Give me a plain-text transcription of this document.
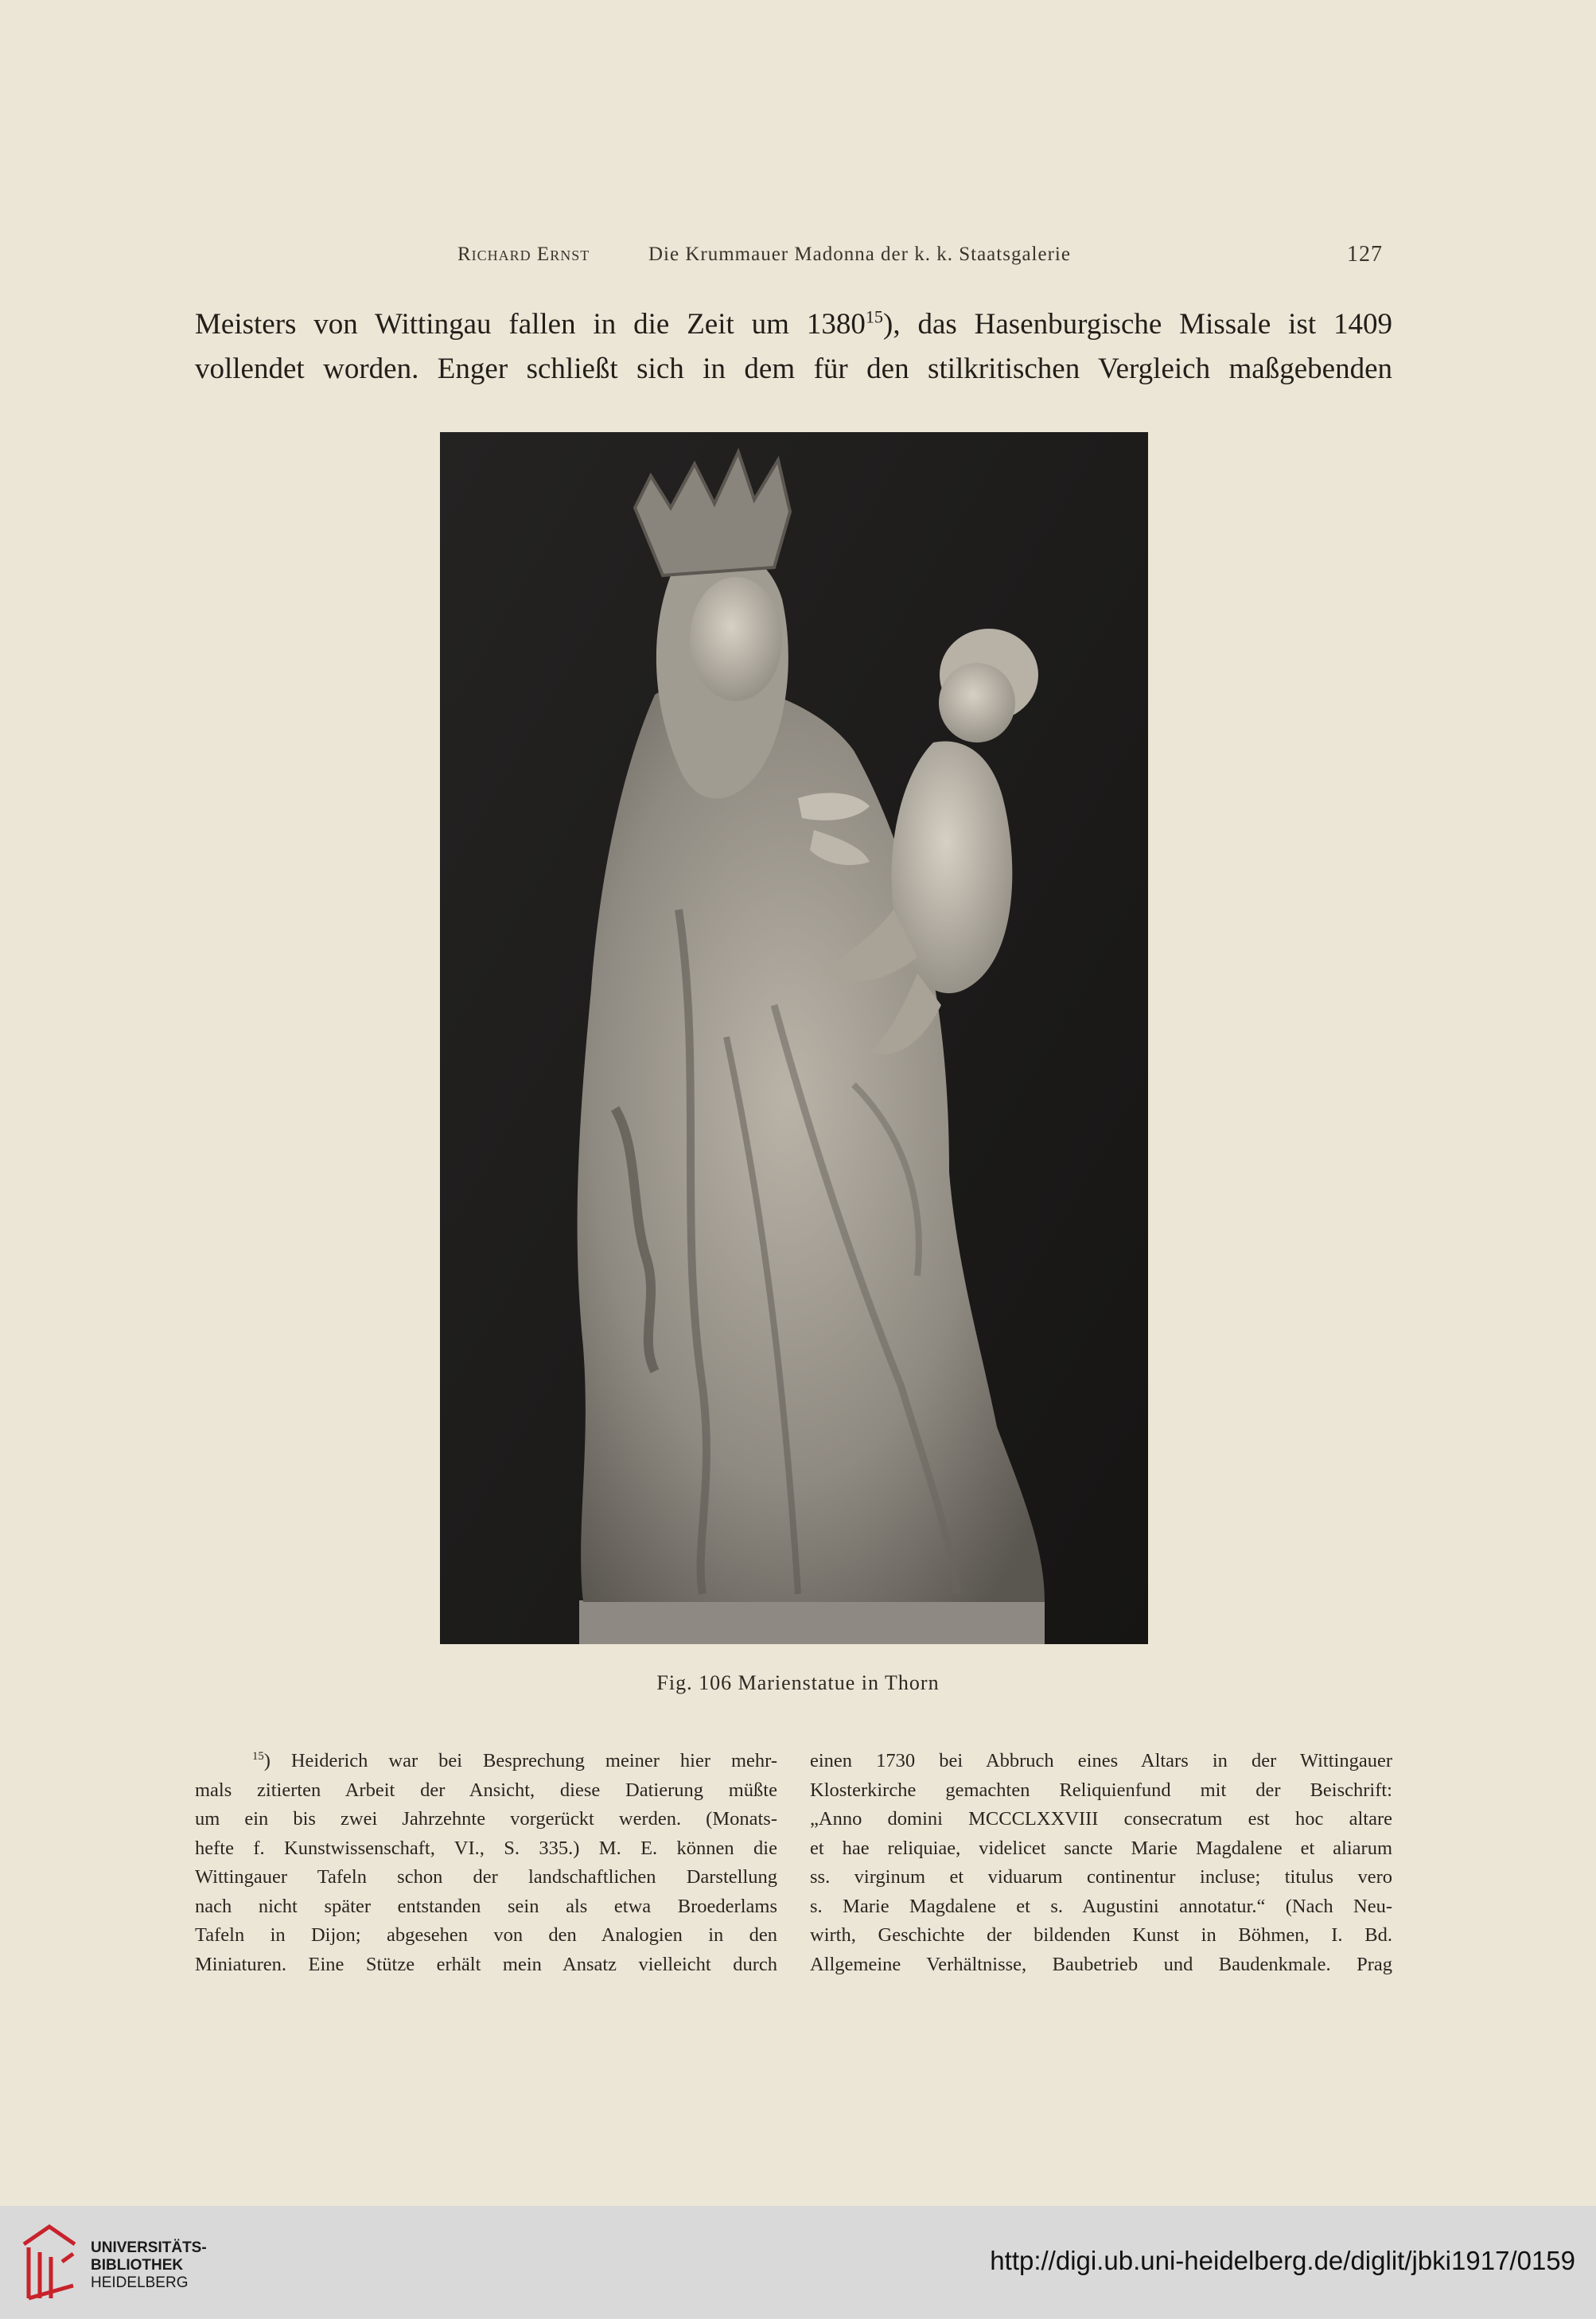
Richard Ernst	Die Krummauer Madonna der k. k. Staatsgalerie	127
Meisters von Wittingau fallen in die Zeit um 1380$^{15}$), das Hasenburgische Missale ist 1409
vollendet worden. Enger schließt sich in dem für den stilkritischen Vergleich maßgebenden
Fig. 106 Marienstatue in Thorn
$^{15}$) Heiderich war bei Besprechung meiner hier mehr-
mals zitierten Arbeit der Ansicht, diese Datierung müßte
um ein bis zwei Jahrzehnte vorgerückt werden. (Monats-
hefte f. Kunstwissenschaft, VI., S. 335.) M. E. können die
Wittingauer Tafeln schon der landschaftlichen Darstellung
nach nicht später entstanden sein als etwa Broederlams
Tafeln in Dijon; abgesehen von den Analogien in den
Miniaturen. Eine Stütze erhält mein Ansatz vielleicht durch
einen 1730 bei Abbruch eines Altars in der Wittingauer
Klosterkirche gemachten Reliquienfund mit der Beischrift:
„Anno domini MCCCLXXVIII consecratum est hoc altare
et hae reliquiae, videlicet sancte Marie Magdalene et aliarum
ss. virginum et viduarum continentur incluse; titulus vero
s. Marie Magdalene et s. Augustini annotatur.“ (Nach Neu-
wirth, Geschichte der bildenden Kunst in Böhmen, I. Bd.
Allgemeine Verhältnisse, Baubetrieb und Baudenkmale. Prag
UNIVERSITÄTS-
BIBLIOTHEK
HEIDELBERG
http://digi.ub.uni-heidelberg.de/diglit/jbki1917/0159
